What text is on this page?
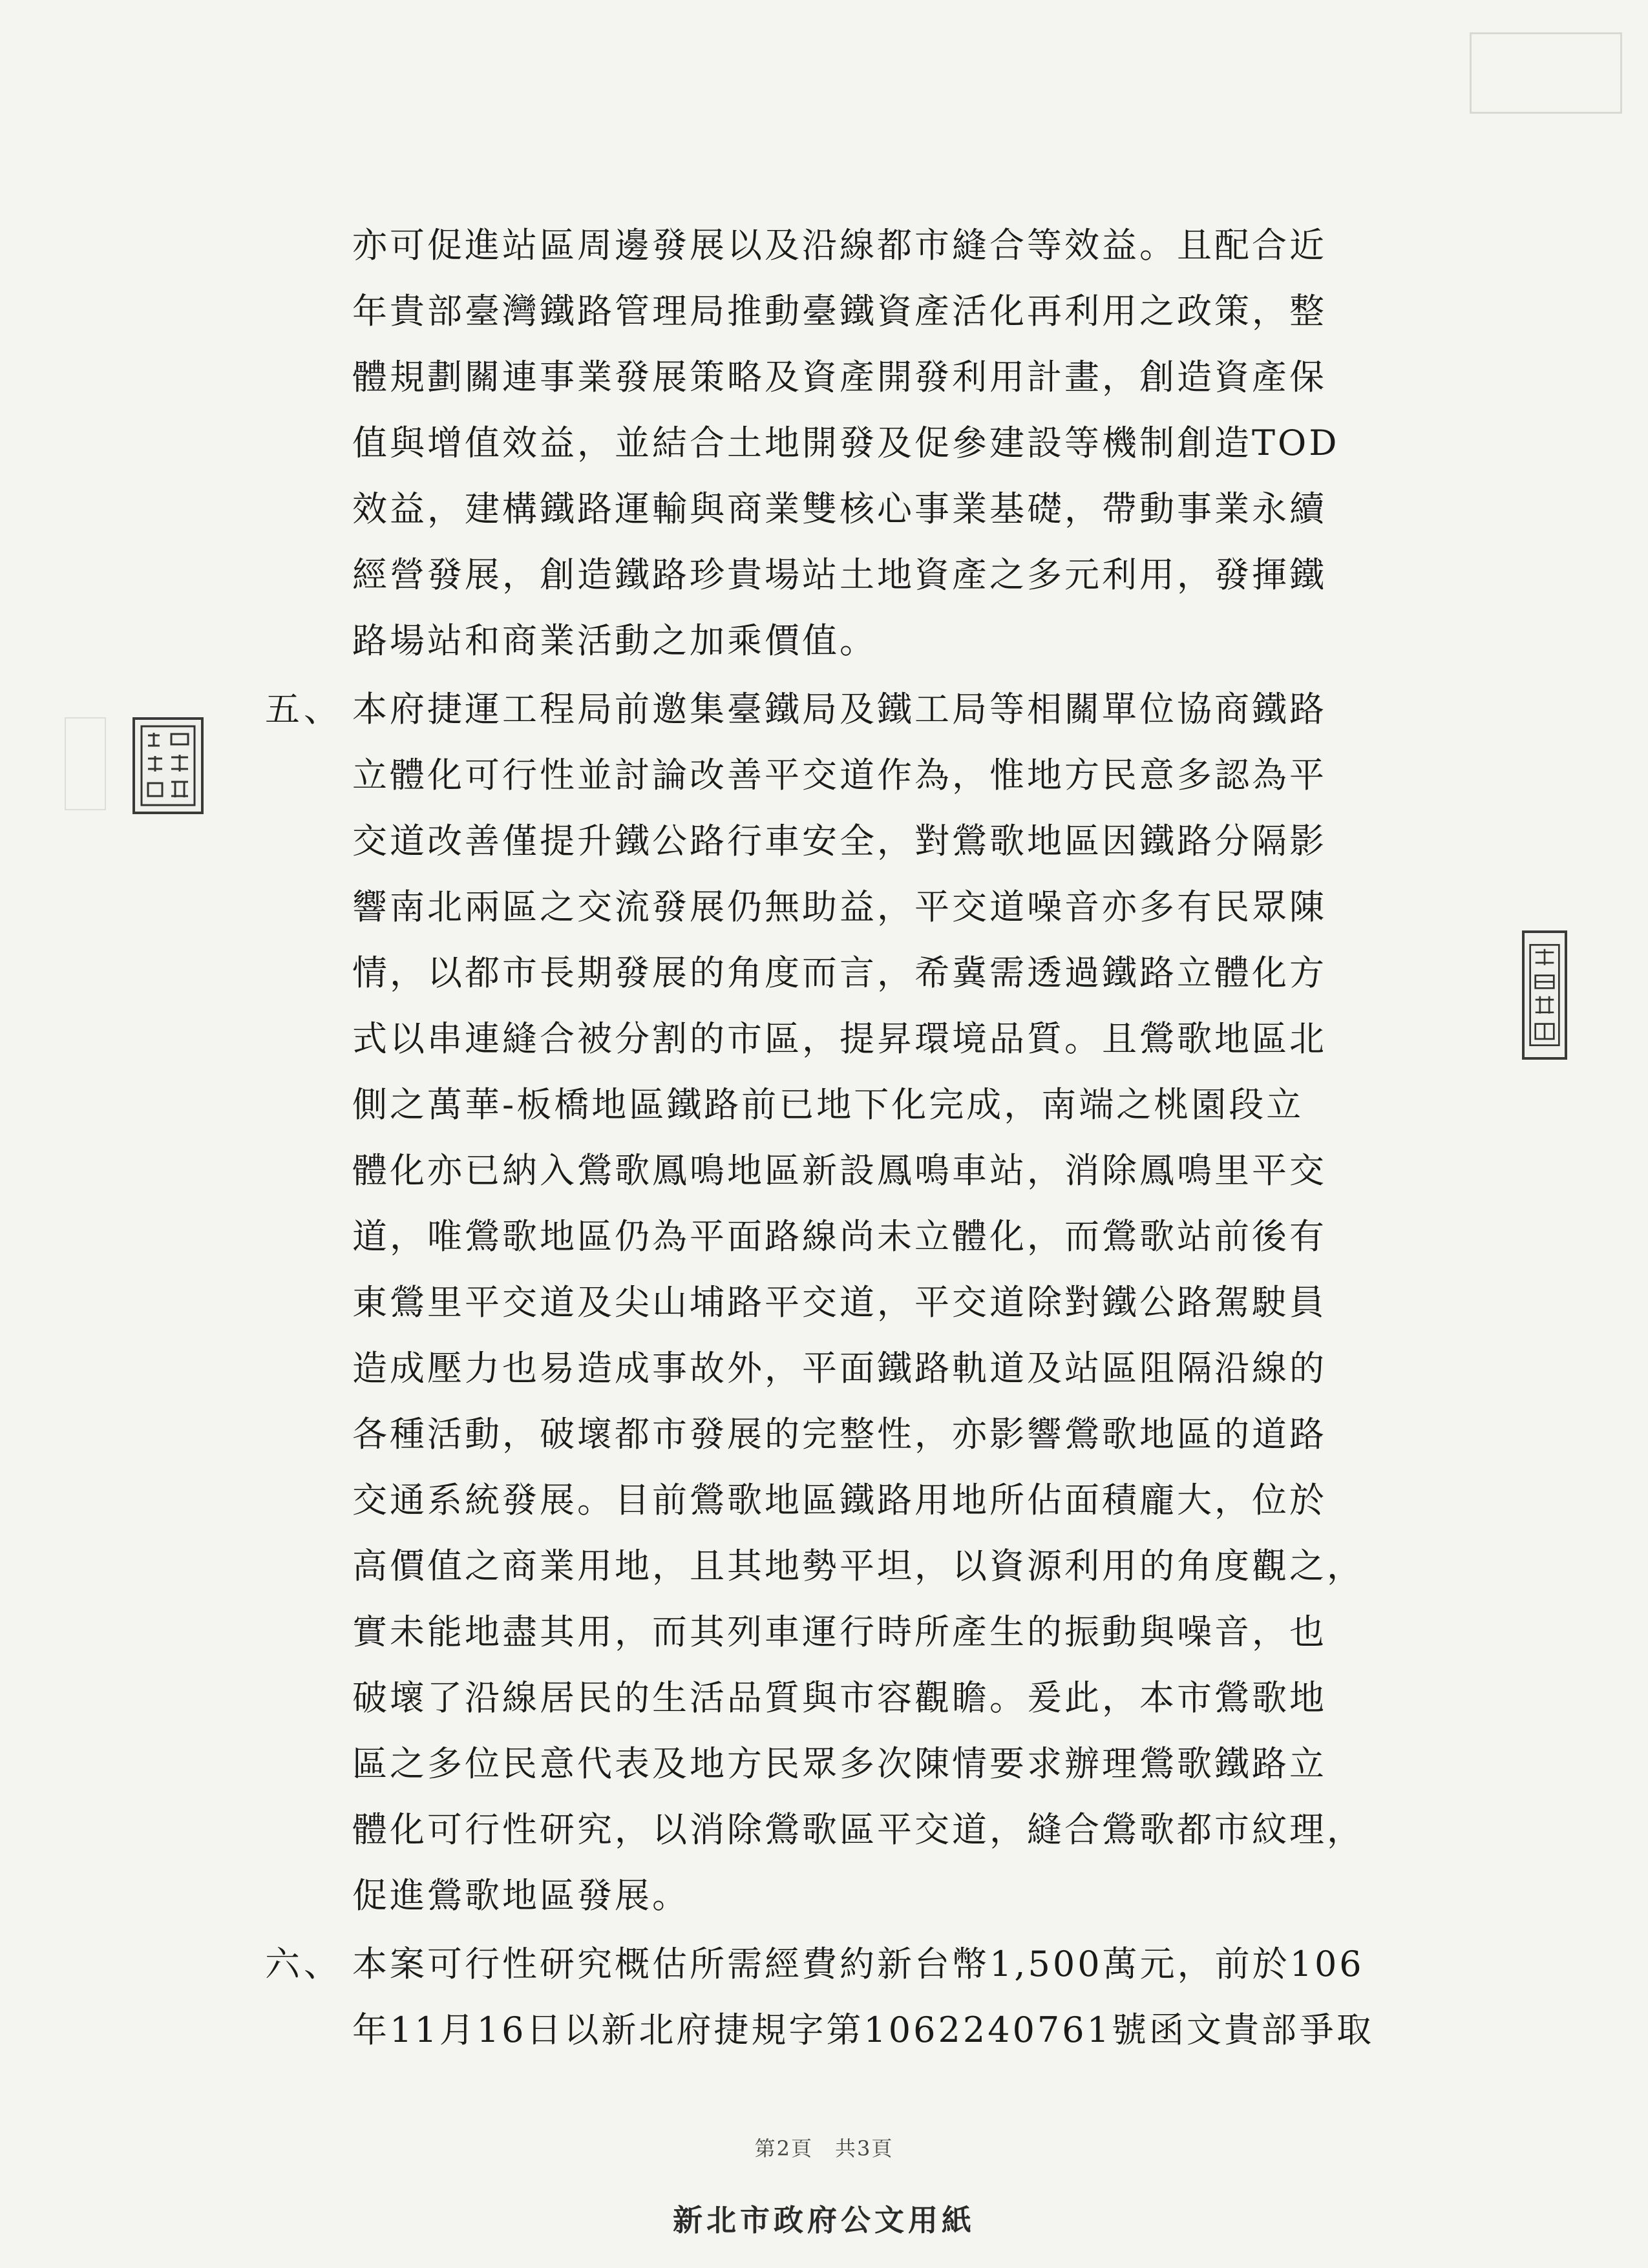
亦可促進站區周邊發展以及沿線都市縫合等效益。且配合近
年貴部臺灣鐵路管理局推動臺鐵資產活化再利用之政策，整
體規劃關連事業發展策略及資產開發利用計畫，創造資產保
值與增值效益，並結合土地開發及促參建設等機制創造TOD
效益，建構鐵路運輸與商業雙核心事業基礎，帶動事業永續
經營發展，創造鐵路珍貴場站土地資產之多元利用，發揮鐵
路場站和商業活動之加乘價值。
五、 本府捷運工程局前邀集臺鐵局及鐵工局等相關單位協商鐵路
立體化可行性並討論改善平交道作為，惟地方民意多認為平
交道改善僅提升鐵公路行車安全，對鶯歌地區因鐵路分隔影
響南北兩區之交流發展仍無助益，平交道噪音亦多有民眾陳
情，以都市長期發展的角度而言，希冀需透過鐵路立體化方
式以串連縫合被分割的市區，提昇環境品質。且鶯歌地區北
側之萬華-板橋地區鐵路前已地下化完成，南端之桃園段立
體化亦已納入鶯歌鳳鳴地區新設鳳鳴車站，消除鳳鳴里平交
道，唯鶯歌地區仍為平面路線尚未立體化，而鶯歌站前後有
東鶯里平交道及尖山埔路平交道，平交道除對鐵公路駕駛員
造成壓力也易造成事故外，平面鐵路軌道及站區阻隔沿線的
各種活動，破壞都市發展的完整性，亦影響鶯歌地區的道路
交通系統發展。目前鶯歌地區鐵路用地所佔面積龐大，位於
高價值之商業用地，且其地勢平坦，以資源利用的角度觀之，
實未能地盡其用，而其列車運行時所產生的振動與噪音，也
破壞了沿線居民的生活品質與市容觀瞻。爰此，本市鶯歌地
區之多位民意代表及地方民眾多次陳情要求辦理鶯歌鐵路立
體化可行性研究，以消除鶯歌區平交道，縫合鶯歌都市紋理，
促進鶯歌地區發展。
六、 本案可行性研究概估所需經費約新台幣1,500萬元，前於106
年11月16日以新北府捷規字第1062240761號函文貴部爭取
第2頁　共3頁
新北市政府公文用紙
